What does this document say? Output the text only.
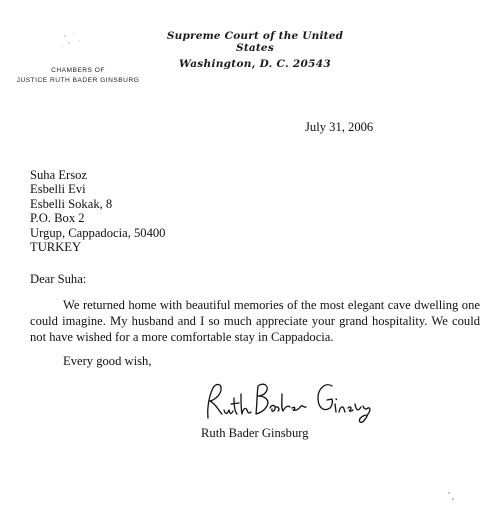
Supreme Court of the United States
Washington, D. C. 20543
CHAMBERS OF
JUSTICE RUTH BADER GINSBURG
July 31, 2006
Suha Ersoz
Esbelli Evi
Esbelli Sokak, 8
P.O. Box 2
Urgup, Cappadocia, 50400
TURKEY
Dear Suha:
We returned home with beautiful memories of the most elegant cave dwelling one could imagine. My husband and I so much appreciate your grand hospitality. We could not have wished for a more comfortable stay in Cappadocia.
Every good wish,
Ruth Bader Ginsburg
